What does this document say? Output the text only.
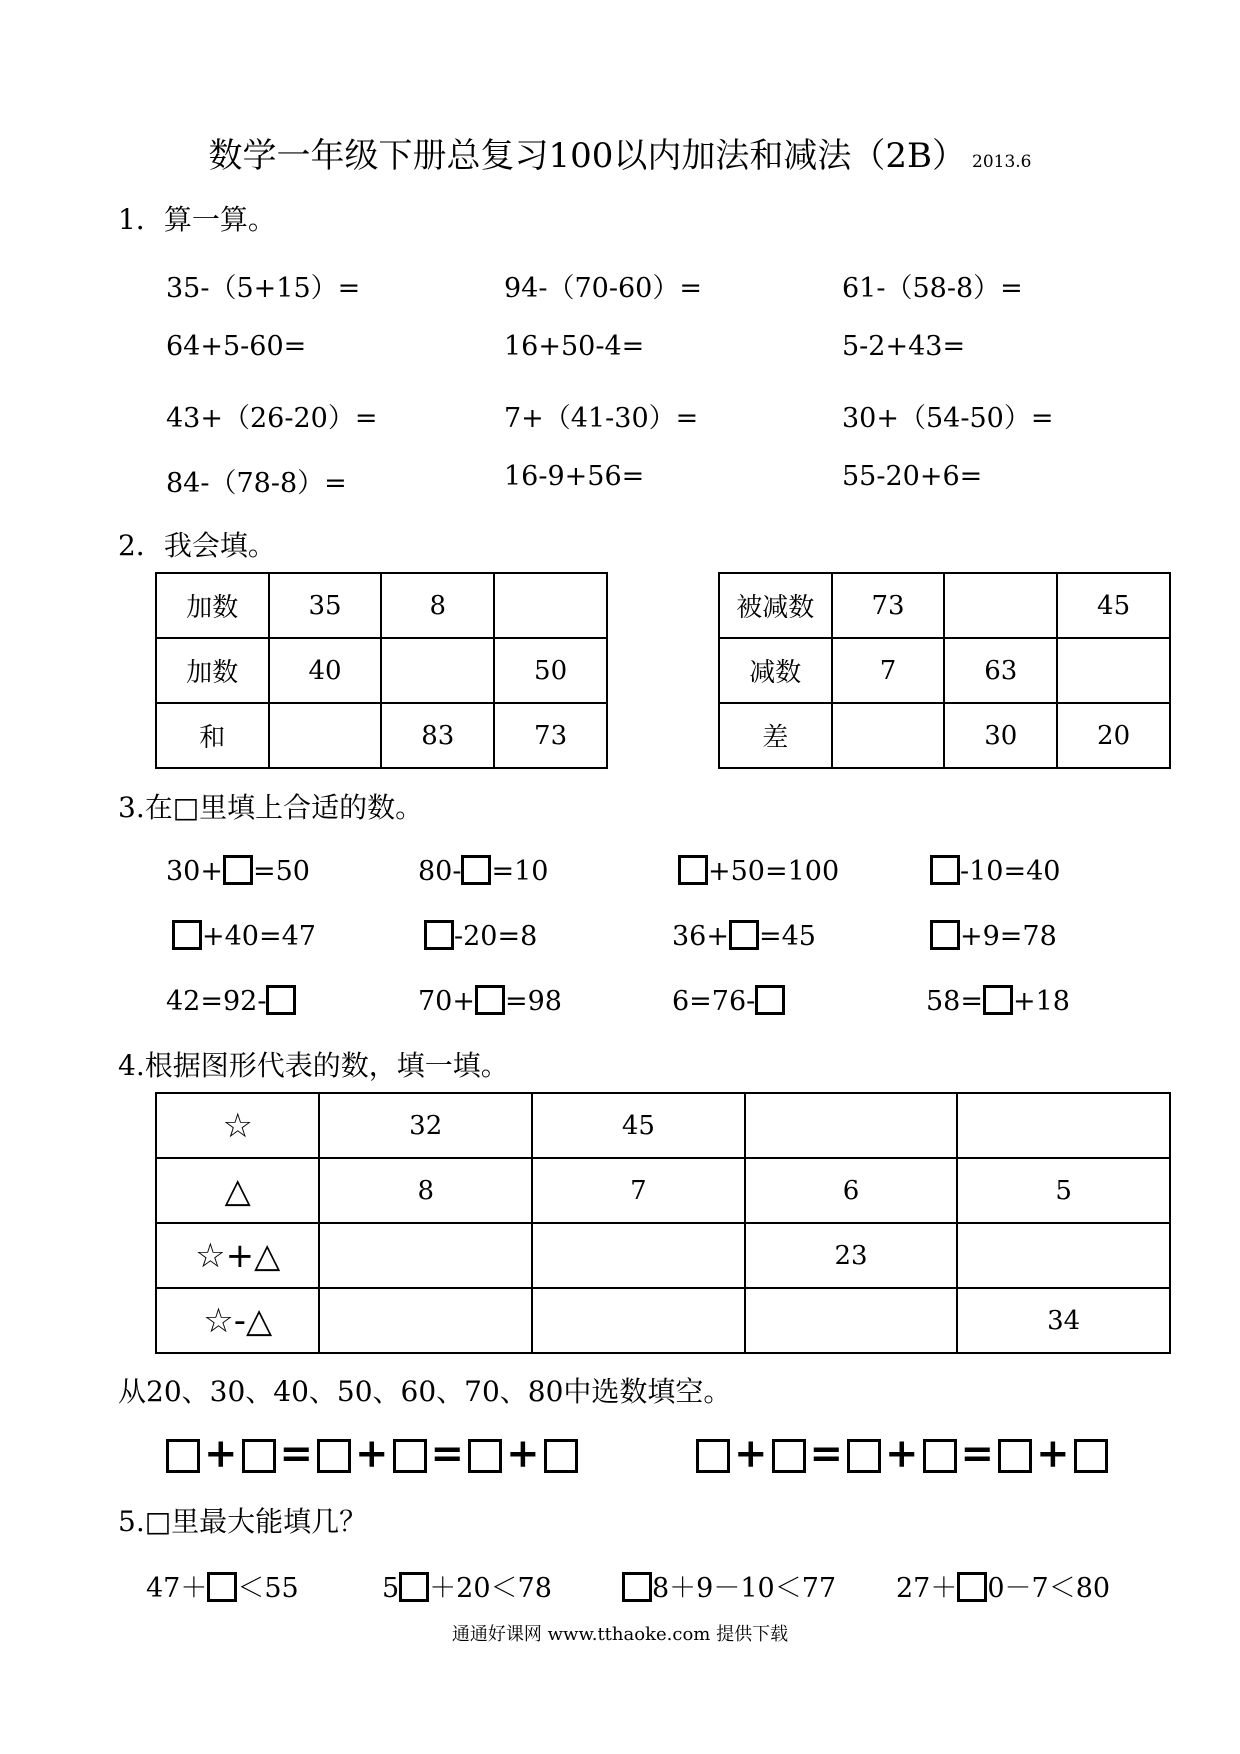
数学一年级下册总复习100以内加法和减法（2B） 2013.6
1．算一算。
35-（5+15）=	94-（70-60）=	61-（58-8）=
64+5-60=	16+50-4=	5-2+43=
43+（26-20）=	7+（41-30）=	30+（54-50）=
84-（78-8）=	16-9+56=	55-20+6=
2．我会填。
加数	35	8	
加数	40		50
和		83	73
被减数	73		45
减数	7	63	
差		30	20
3.在□里填上合适的数。
30+ =50	80- =10	+50=100	-10=40
+40=47	-20=8	36+ =45	+9=78
42=92-	70+ =98	6=76-	58= +18
4.根据图形代表的数，填一填。
☆	32	45		
△	8	7	6	5
☆+△			23	
☆-△				34
从20、30、40、50、60、70、80中选数填空。
+ = + = +	+ = + = +
5.□里最大能填几？
47＋ ＜55	5 ＋20＜78	8＋9－10＜77 27＋ 0－7＜80
通通好课网 www.tthaoke.com 提供下载
